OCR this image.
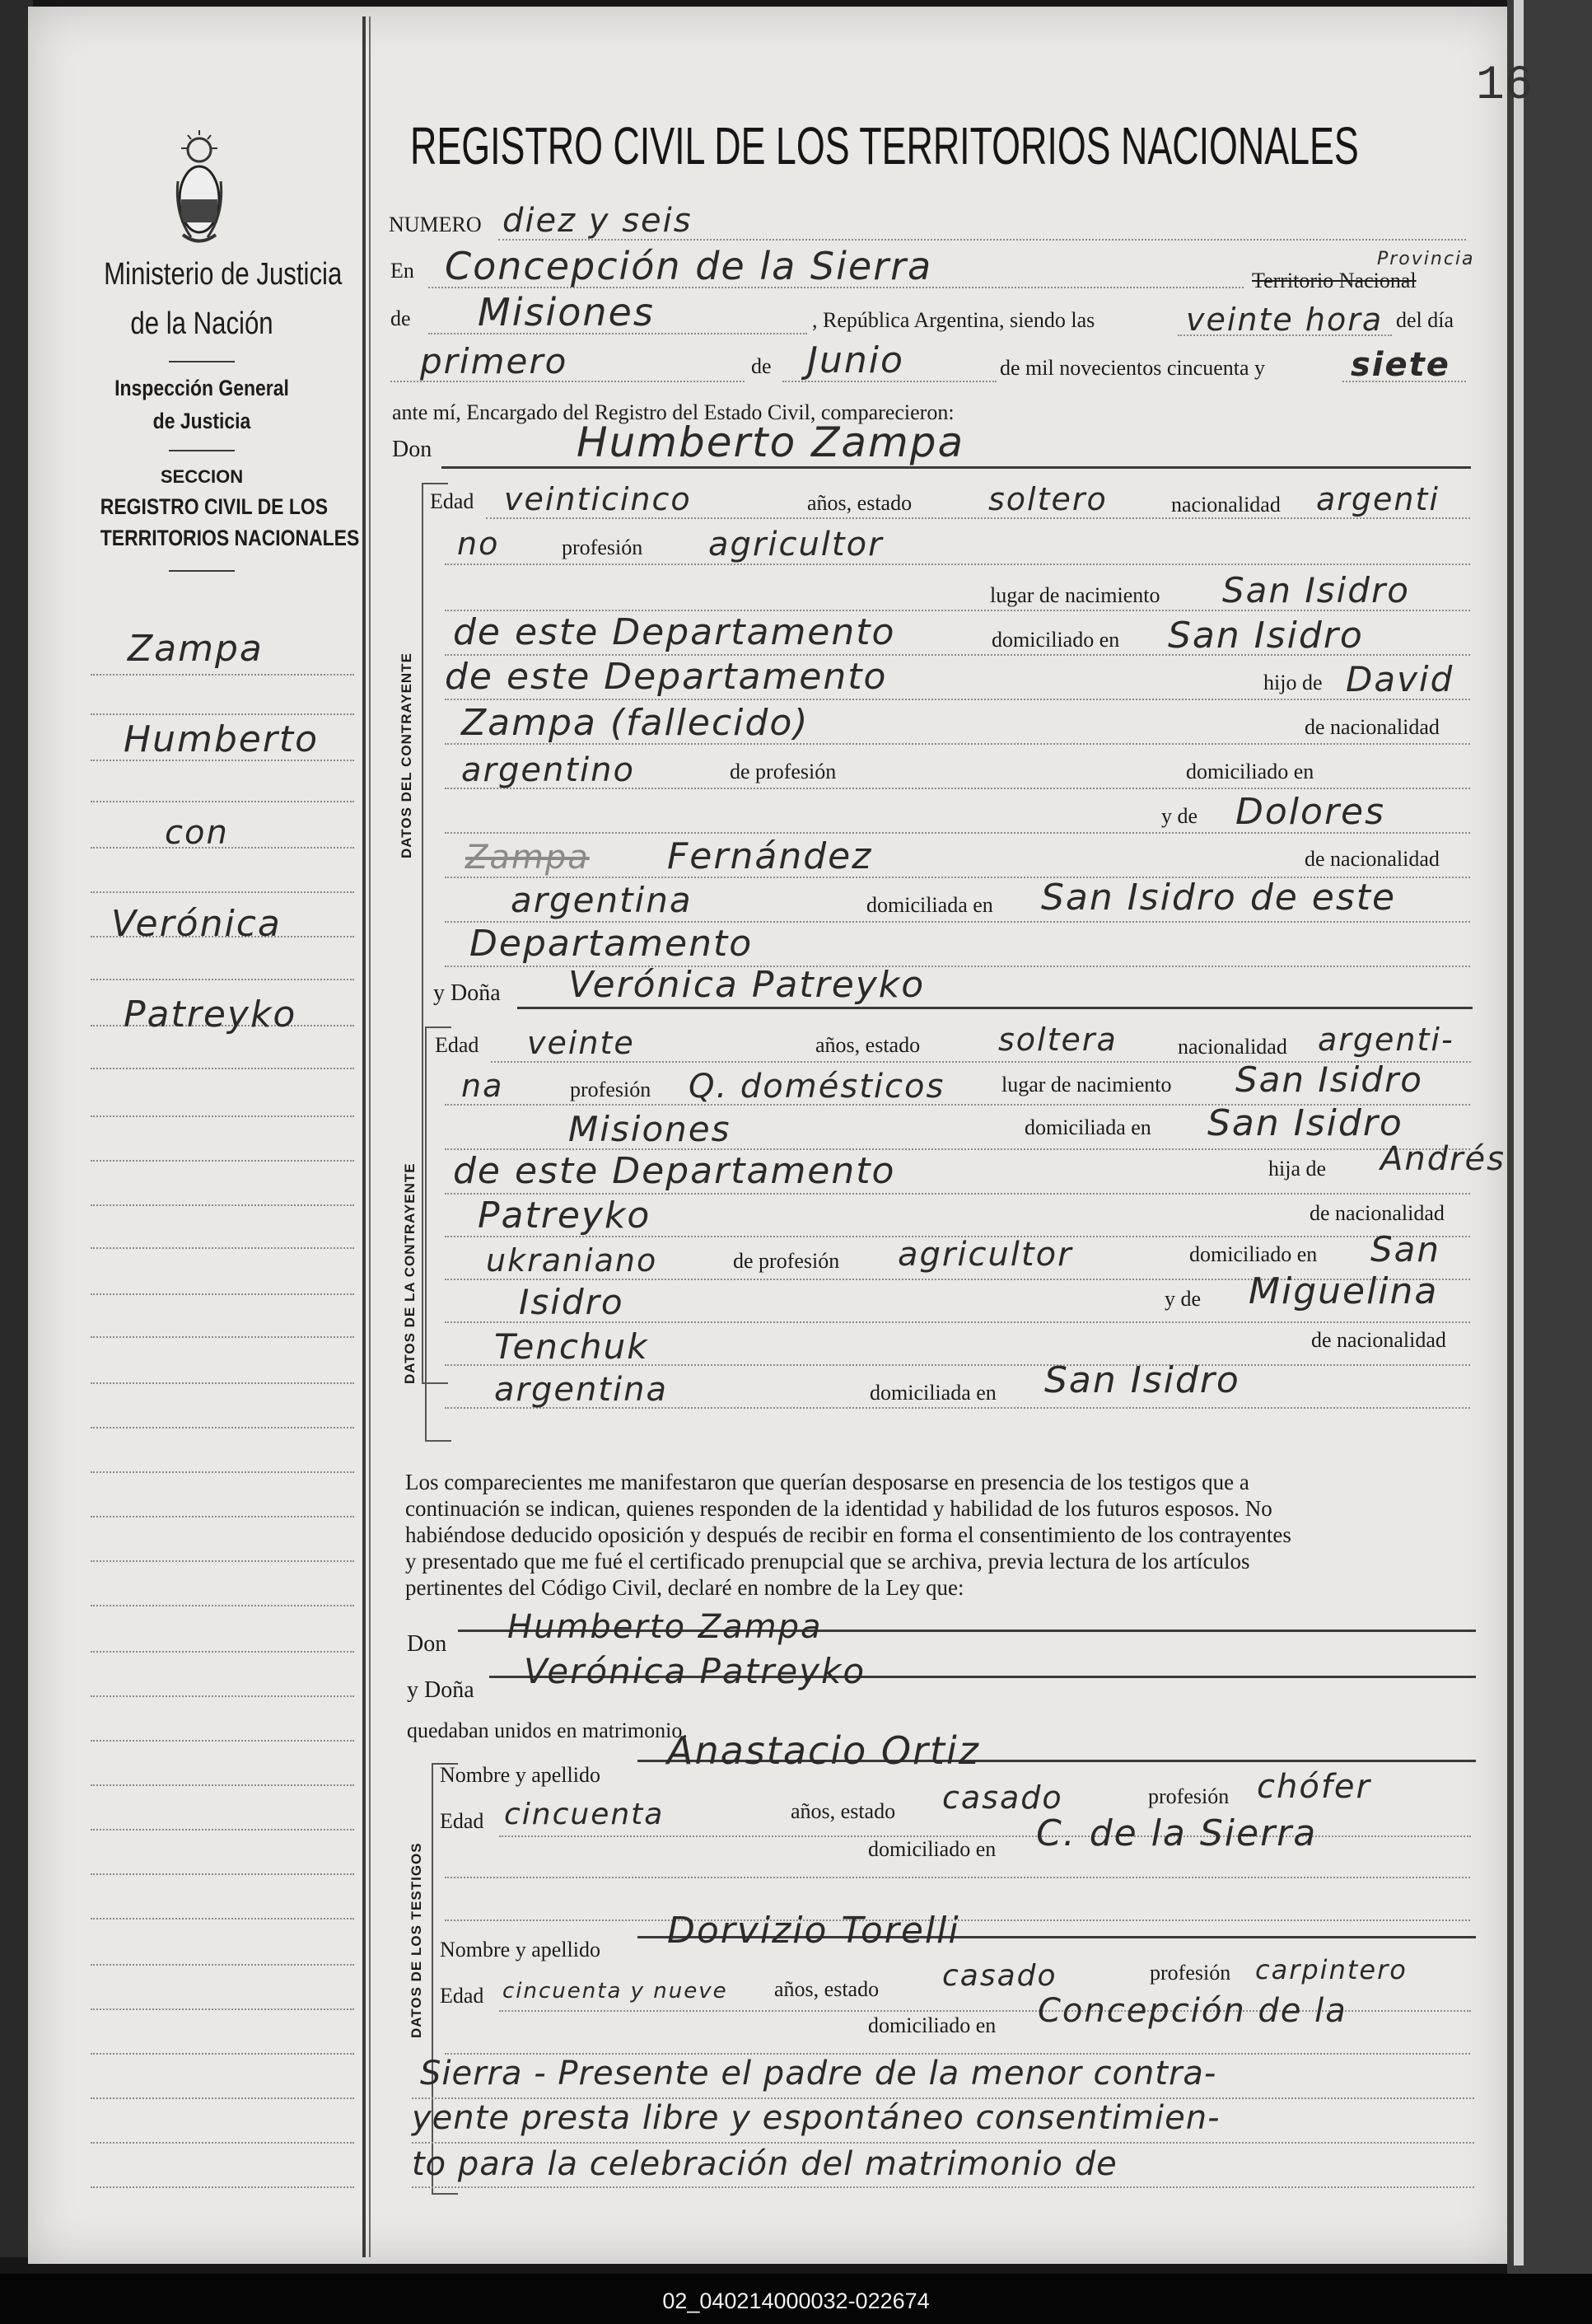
16
Ministerio de Justicia
de la Nación
Inspección General
de Justicia
SECCION
REGISTRO CIVIL DE LOS
TERRITORIOS NACIONALES
Zampa
Humberto
con
Verónica
Patreyko
REGISTRO CIVIL DE LOS TERRITORIOS NACIONALES
NUMERO diez y seis
En Concepción de la Sierra	Provincia
Territorio Nacional
de Misiones	, República Argentina, siendo las	veinte hora del día
primero	de Junio	de mil novecientos cincuenta y	siete
ante mí, Encargado del Registro del Estado Civil, comparecieron:
Don	Humberto Zampa
DATOS DEL CONTRAYENTE
Edad veinticinco	años, estado soltero	nacionalidad argenti
no	profesión agricultor
lugar de nacimiento San Isidro
de este Departamento	domiciliado en San Isidro
de este Departamento	hijo de David
Zampa (fallecido)	de nacionalidad
argentino	de profesión	domiciliado en
y de Dolores
Zampa Fernández	de nacionalidad
argentina	domiciliada en San Isidro de este
Departamento
y Doña Verónica Patreyko
DATOS DE LA CONTRAYENTE
Edad veinte	años, estado soltera	nacionalidad argenti-
na	profesión Q. domésticos	lugar de nacimiento San Isidro
Misiones	domiciliada en San Isidro
de este Departamento	hija de Andrés
Patreyko	de nacionalidad
ukraniano	de profesión agricultor	domiciliado en San
Isidro	y de Miguelina
Tenchuk	de nacionalidad
argentina	domiciliada en San Isidro
Los comparecientes me manifestaron que querían desposarse en presencia de los testigos que a
continuación se indican, quienes responden de la identidad y habilidad de los futuros esposos. No
habiéndose deducido oposición y después de recibir en forma el consentimiento de los contrayentes
y presentado que me fué el certificado prenupcial que se archiva, previa lectura de los artículos
pertinentes del Código Civil, declaré en nombre de la Ley que:
Don Humberto Zampa
y Doña Verónica Patreyko
quedaban unidos en matrimonio.
DATOS DE LOS TESTIGOS
Nombre y apellido
Anastacio Ortiz
Edad cincuenta	años, estado casado	profesión chófer
domiciliado en C. de la Sierra
Nombre y apellido Dorvizio Torelli
Edad cincuenta y nueve años, estado casado	profesión carpintero
domiciliado en Concepción de la
Sierra - Presente el padre de la menor contra-
yente presta libre y espontáneo consentimien-
to para la celebración del matrimonio de
02_040214000032-022674
